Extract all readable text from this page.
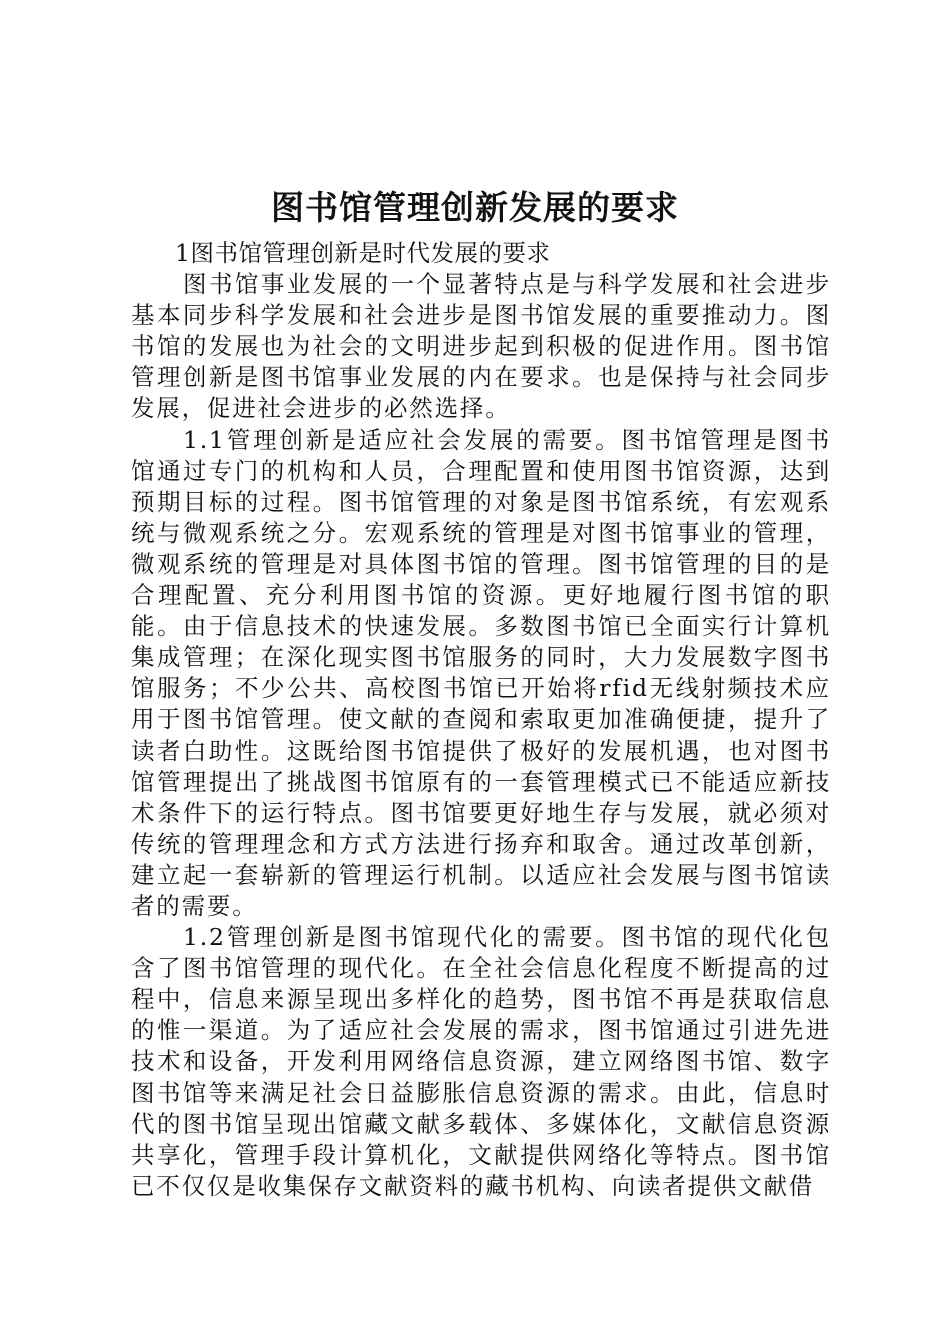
图书馆管理创新发展的要求

1图书馆管理创新是时代发展的要求

图书馆事业发展的一个显著特点是与科学发展和社会进步基本同步科学发展和社会进步是图书馆发展的重要推动力。图书馆的发展也为社会的文明进步起到积极的促进作用。图书馆管理创新是图书馆事业发展的内在要求。也是保持与社会同步发展，促进社会进步的必然选择。

1.1管理创新是适应社会发展的需要。图书馆管理是图书馆通过专门的机构和人员，合理配置和使用图书馆资源，达到预期目标的过程。图书馆管理的对象是图书馆系统，有宏观系统与微观系统之分。宏观系统的管理是对图书馆事业的管理，微观系统的管理是对具体图书馆的管理。图书馆管理的目的是合理配置、充分利用图书馆的资源。更好地履行图书馆的职能。由于信息技术的快速发展。多数图书馆已全面实行计算机集成管理；在深化现实图书馆服务的同时，大力发展数字图书馆服务；不少公共、高校图书馆已开始将rfid无线射频技术应用于图书馆管理。使文献的查阅和索取更加准确便捷，提升了读者白助性。这既给图书馆提供了极好的发展机遇，也对图书馆管理提出了挑战图书馆原有的一套管理模式已不能适应新技术条件下的运行特点。图书馆要更好地生存与发展，就必须对传统的管理理念和方式方法进行扬弃和取舍。通过改革创新，建立起一套崭新的管理运行机制。以适应社会发展与图书馆读者的需要。

1.2管理创新是图书馆现代化的需要。图书馆的现代化包含了图书馆管理的现代化。在全社会信息化程度不断提高的过程中，信息来源呈现出多样化的趋势，图书馆不再是获取信息的惟一渠道。为了适应社会发展的需求，图书馆通过引进先进技术和设备，开发利用网络信息资源，建立网络图书馆、数字图书馆等来满足社会日益膨胀信息资源的需求。由此，信息时代的图书馆呈现出馆藏文献多载体、多媒体化，文献信息资源共享化，管理手段计算机化，文献提供网络化等特点。图书馆已不仅仅是收集保存文献资料的藏书机构、向读者提供文献借
